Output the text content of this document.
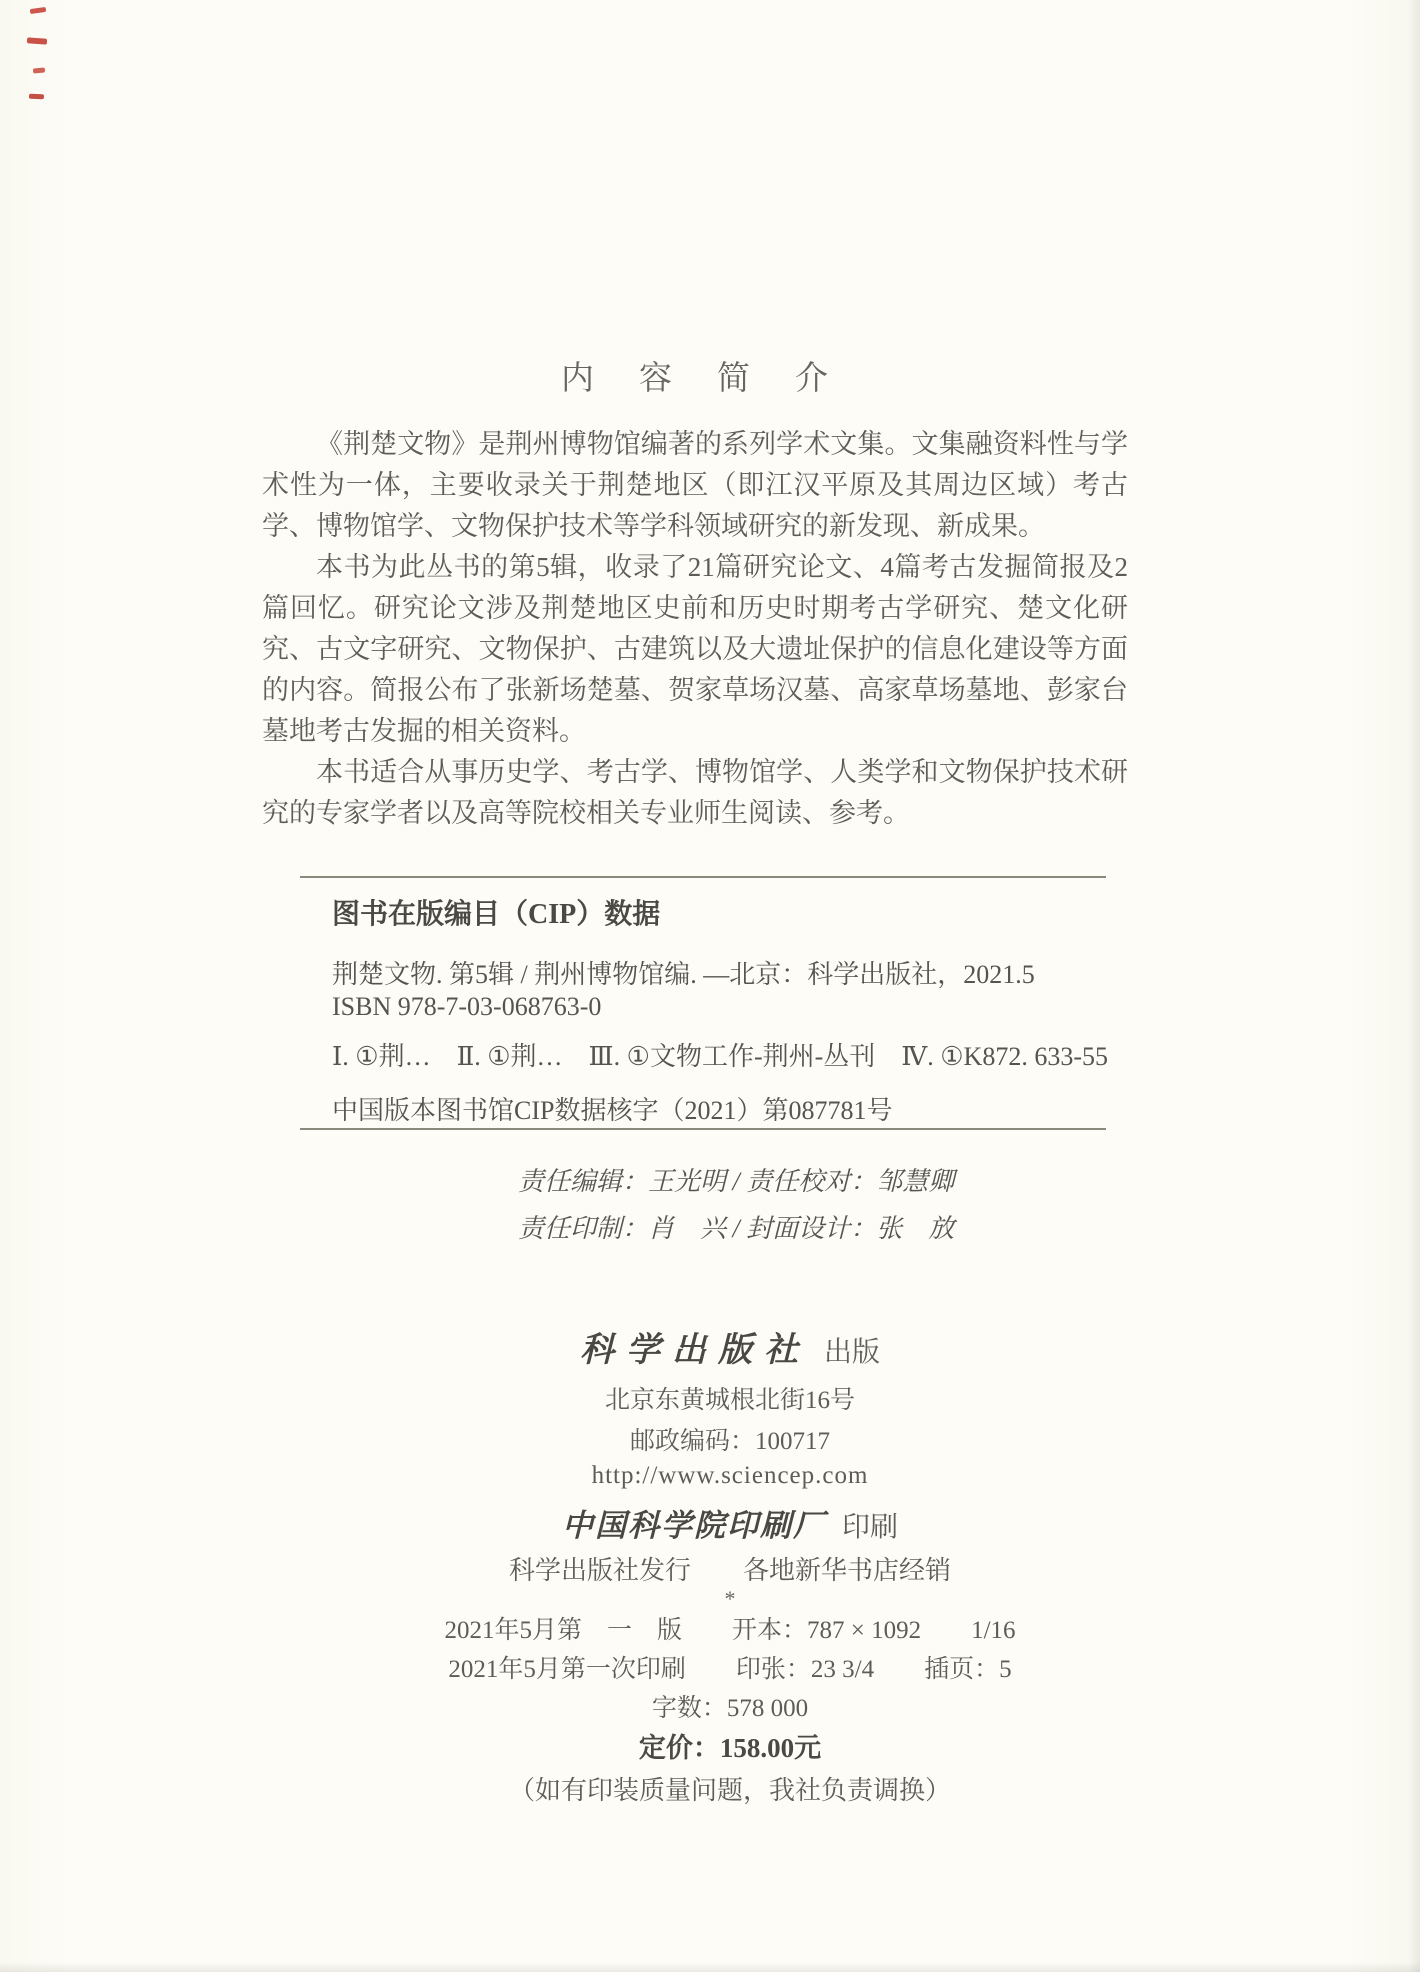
内容简介

《荆楚文物》是荆州博物馆编著的系列学术文集。文集融资料性与学术性为一体，主要收录关于荆楚地区（即江汉平原及其周边区域）考古学、博物馆学、文物保护技术等学科领域研究的新发现、新成果。

本书为此丛书的第5辑，收录了21篇研究论文、4篇考古发掘简报及2篇回忆。研究论文涉及荆楚地区史前和历史时期考古学研究、楚文化研究、古文字研究、文物保护、古建筑以及大遗址保护的信息化建设等方面的内容。简报公布了张新场楚墓、贺家草场汉墓、高家草场墓地、彭家台墓地考古发掘的相关资料。

本书适合从事历史学、考古学、博物馆学、人类学和文物保护技术研究的专家学者以及高等院校相关专业师生阅读、参考。

图书在版编目（CIP）数据
荆楚文物. 第5辑 / 荆州博物馆编. —北京：科学出版社，2021.5
ISBN 978-7-03-068763-0
Ⅰ. ①荆…　Ⅱ. ①荆…　Ⅲ. ①文物工作-荆州-丛刊　Ⅳ. ①K872. 633-55
中国版本图书馆CIP数据核字（2021）第087781号
责任编辑：王光明 / 责任校对：邹慧卿
责任印制：肖　兴 / 封面设计：张　放
科学出版社 出版
北京东黄城根北街16号
邮政编码：100717
http://www.sciencep.com
中国科学院印刷厂 印刷
科学出版社发行　　各地新华书店经销
*
2021年5月第　一　版　　开本：787 × 1092　　1/16
2021年5月第一次印刷　　印张：23 3/4　　插页：5
字数：578 000
定价：158.00元
（如有印装质量问题，我社负责调换）
